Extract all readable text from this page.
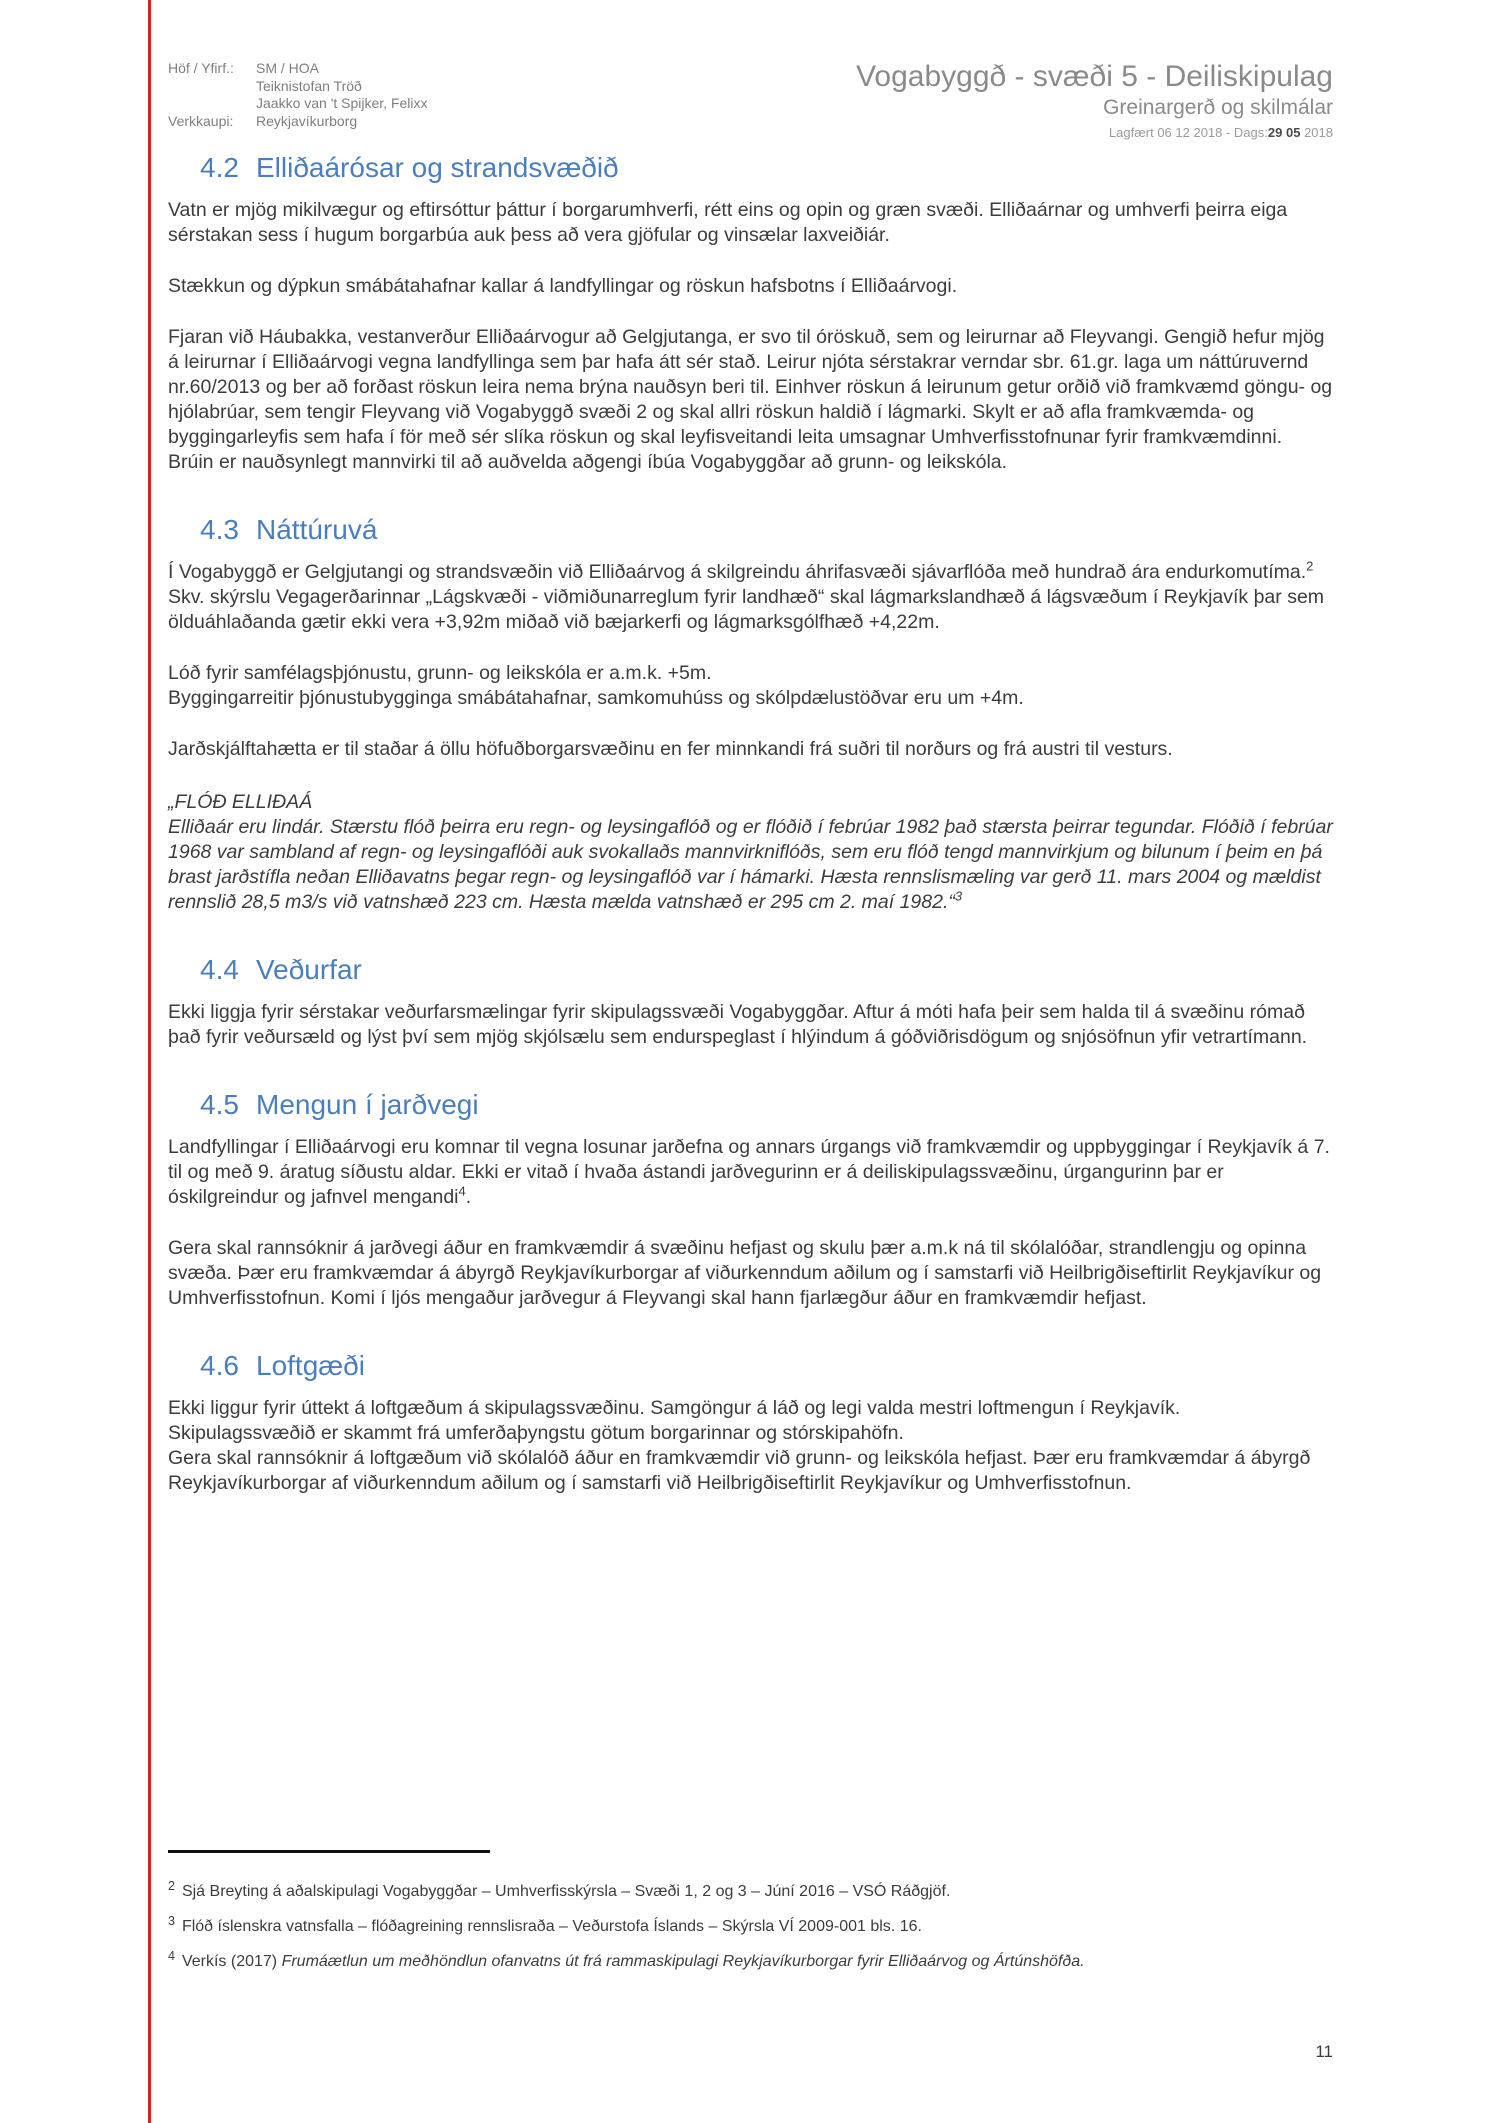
Höf / Yfirf.:

Verkkaupi:
SM / HOA
Teiknistofan Tröð
Jaakko van 't Spijker, Felixx
Reykjavíkurborg
Vogabyggð - svæði 5 - Deiliskipulag
Greinargerð og skilmálar
Lagfært 06 12 2018 - Dags:29 05 2018
4.2 Elliðaárósar og strandsvæðið

Vatn er mjög mikilvægur og eftirsóttur þáttur í borgarumhverfi, rétt eins og opin og græn svæði. Elliðaárnar og umhverfi þeirra eiga sérstakan sess í hugum borgarbúa auk þess að vera gjöfular og vinsælar laxveiðiár.

Stækkun og dýpkun smábátahafnar kallar á landfyllingar og röskun hafsbotns í Elliðaárvogi.

Fjaran við Háubakka, vestanverður Elliðaárvogur að Gelgjutanga, er svo til óröskuð, sem og leirurnar að Fleyvangi. Gengið hefur mjög á leirurnar í Elliðaárvogi vegna landfyllinga sem þar hafa átt sér stað. Leirur njóta sérstakrar verndar sbr. 61.gr. laga um náttúruvernd nr.60/2013 og ber að forðast röskun leira nema brýna nauðsyn beri til. Einhver röskun á leirunum getur orðið við framkvæmd göngu- og hjólabrúar, sem tengir Fleyvang við Vogabyggð svæði 2 og skal allri röskun haldið í lágmarki. Skylt er að afla framkvæmda- og byggingarleyfis sem hafa í för með sér slíka röskun og skal leyfisveitandi leita umsagnar Umhverfisstofnunar fyrir framkvæmdinni.

Brúin er nauðsynlegt mannvirki til að auðvelda aðgengi íbúa Vogabyggðar að grunn- og leikskóla.

4.3 Náttúruvá

Í Vogabyggð er Gelgjutangi og strandsvæðin við Elliðaárvog á skilgreindu áhrifasvæði sjávarflóða með hundrað ára endurkomutíma.$^2$ Skv. skýrslu Vegagerðarinnar „Lágskvæði - viðmiðunarreglum fyrir landhæð“ skal lágmarkslandhæð á lágsvæðum í Reykjavík þar sem ölduáhlaðanda gætir ekki vera +3,92m miðað við bæjarkerfi og lágmarksgólfhæð +4,22m.

Lóð fyrir samfélagsþjónustu, grunn- og leikskóla er a.m.k. +5m.

Byggingarreitir þjónustubygginga smábátahafnar, samkomuhúss og skólpdælustöðvar eru um +4m.

Jarðskjálftahætta er til staðar á öllu höfuðborgarsvæðinu en fer minnkandi frá suðri til norðurs og frá austri til vesturs.

„FLÓÐ ELLIÐAÁ

Elliðaár eru lindár. Stærstu flóð þeirra eru regn- og leysingaflóð og er flóðið í febrúar 1982 það stærsta þeirrar tegundar. Flóðið í febrúar 1968 var sambland af regn- og leysingaflóði auk svokallaðs mannvirkniflóðs, sem eru flóð tengd mannvirkjum og bilunum í þeim en þá brast jarðstífla neðan Elliðavatns þegar regn- og leysingaflóð var í hámarki. Hæsta rennslismæling var gerð 11. mars 2004 og mældist rennslið 28,5 m3/s við vatnshæð 223 cm. Hæsta mælda vatnshæð er 295 cm 2. maí 1982.“$^3$

4.4 Veðurfar

Ekki liggja fyrir sérstakar veðurfarsmælingar fyrir skipulagssvæði Vogabyggðar. Aftur á móti hafa þeir sem halda til á svæðinu rómað það fyrir veðursæld og lýst því sem mjög skjólsælu sem endurspeglast í hlýindum á góðviðrisdögum og snjósöfnun yfir vetrartímann.

4.5 Mengun í jarðvegi

Landfyllingar í Elliðaárvogi eru komnar til vegna losunar jarðefna og annars úrgangs við framkvæmdir og uppbyggingar í Reykjavík á 7. til og með 9. áratug síðustu aldar. Ekki er vitað í hvaða ástandi jarðvegurinn er á deiliskipulagssvæðinu, úrgangurinn þar er óskilgreindur og jafnvel mengandi$^4$.

Gera skal rannsóknir á jarðvegi áður en framkvæmdir á svæðinu hefjast og skulu þær a.m.k ná til skólalóðar, strandlengju og opinna svæða. Þær eru framkvæmdar á ábyrgð Reykjavíkurborgar af viðurkenndum aðilum og í samstarfi við Heilbrigðiseftirlit Reykjavíkur og Umhverfisstofnun. Komi í ljós mengaður jarðvegur á Fleyvangi skal hann fjarlægður áður en framkvæmdir hefjast.

4.6 Loftgæði

Ekki liggur fyrir úttekt á loftgæðum á skipulagssvæðinu. Samgöngur á láð og legi valda mestri loftmengun í Reykjavík. Skipulagssvæðið er skammt frá umferðaþyngstu götum borgarinnar og stórskipahöfn.

Gera skal rannsóknir á loftgæðum við skólalóð áður en framkvæmdir við grunn- og leikskóla hefjast. Þær eru framkvæmdar á ábyrgð Reykjavíkurborgar af viðurkenndum aðilum og í samstarfi við Heilbrigðiseftirlit Reykjavíkur og Umhverfisstofnun.

$^2$ Sjá Breyting á aðalskipulagi Vogabyggðar – Umhverfisskýrsla – Svæði 1, 2 og 3 – Júní 2016 – VSÓ Ráðgjöf.
$^3$ Flóð íslenskra vatnsfalla – flóðagreining rennslisraða – Veðurstofa Íslands – Skýrsla VÍ 2009-001 bls. 16.
$^4$ Verkís (2017) Frumáætlun um meðhöndlun ofanvatns út frá rammaskipulagi Reykjavíkurborgar fyrir Elliðaárvog og Ártúnshöfða.
11
